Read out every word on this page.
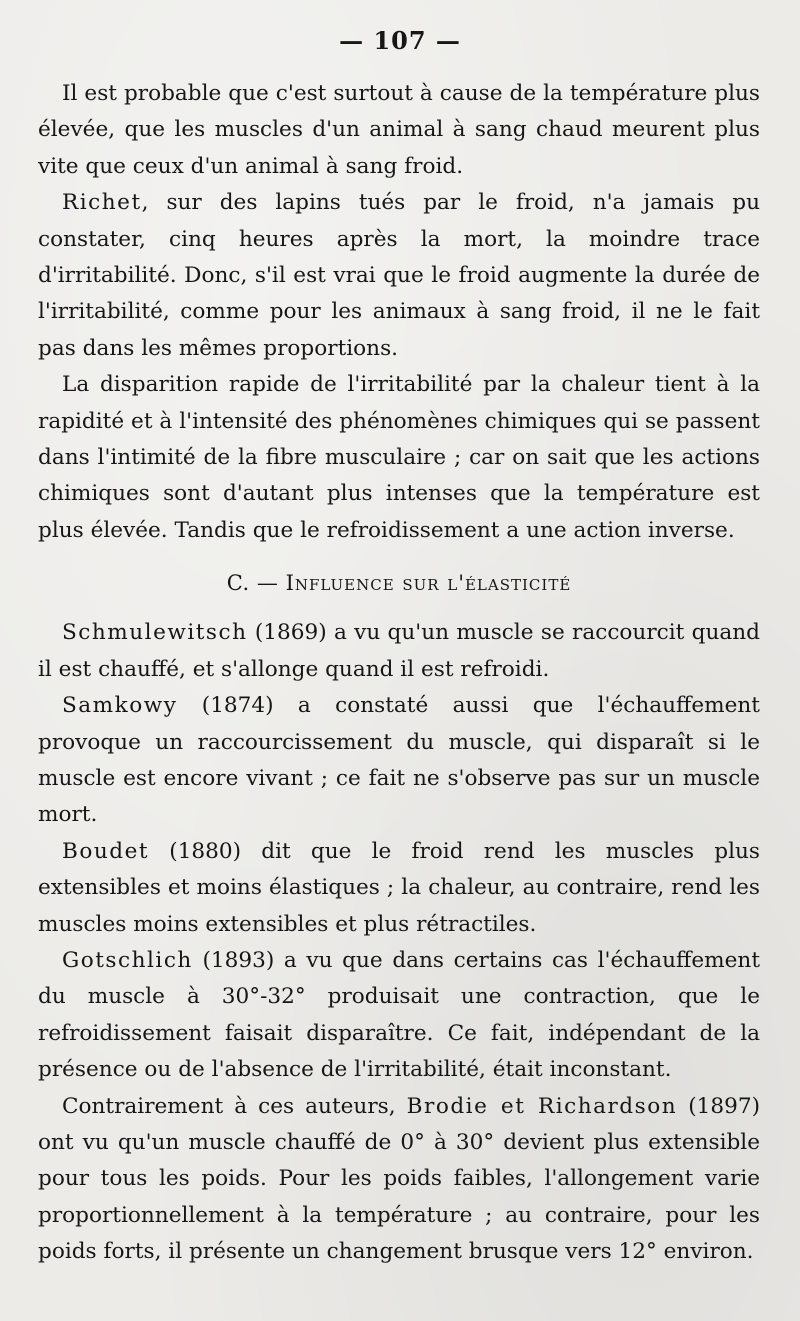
— 107 —

Il est probable que c'est surtout à cause de la température plus élevée, que les muscles d'un animal à sang chaud meurent plus vite que ceux d'un animal à sang froid.

Richet, sur des lapins tués par le froid, n'a jamais pu constater, cinq heures après la mort, la moindre trace d'irritabilité. Donc, s'il est vrai que le froid augmente la durée de l'irritabilité, comme pour les animaux à sang froid, il ne le fait pas dans les mêmes proportions.

La disparition rapide de l'irritabilité par la chaleur tient à la rapidité et à l'intensité des phénomènes chimiques qui se passent dans l'intimité de la fibre musculaire ; car on sait que les actions chimiques sont d'autant plus intenses que la température est plus élevée. Tandis que le refroidissement a une action inverse.

C. — Influence sur l'élasticité

Schmulewitsch (1869) a vu qu'un muscle se raccourcit quand il est chauffé, et s'allonge quand il est refroidi.

Samkowy (1874) a constaté aussi que l'échauffement provoque un raccourcissement du muscle, qui disparaît si le muscle est encore vivant ; ce fait ne s'observe pas sur un muscle mort.

Boudet (1880) dit que le froid rend les muscles plus extensibles et moins élastiques ; la chaleur, au contraire, rend les muscles moins extensibles et plus rétractiles.

Gotschlich (1893) a vu que dans certains cas l'échauffement du muscle à 30°-32° produisait une contraction, que le refroidissement faisait disparaître. Ce fait, indépendant de la présence ou de l'absence de l'irritabilité, était inconstant.

Contrairement à ces auteurs, Brodie et Richardson (1897) ont vu qu'un muscle chauffé de 0° à 30° devient plus extensible pour tous les poids. Pour les poids faibles, l'allongement varie proportionnellement à la température ; au contraire, pour les poids forts, il présente un changement brusque vers 12° environ.
